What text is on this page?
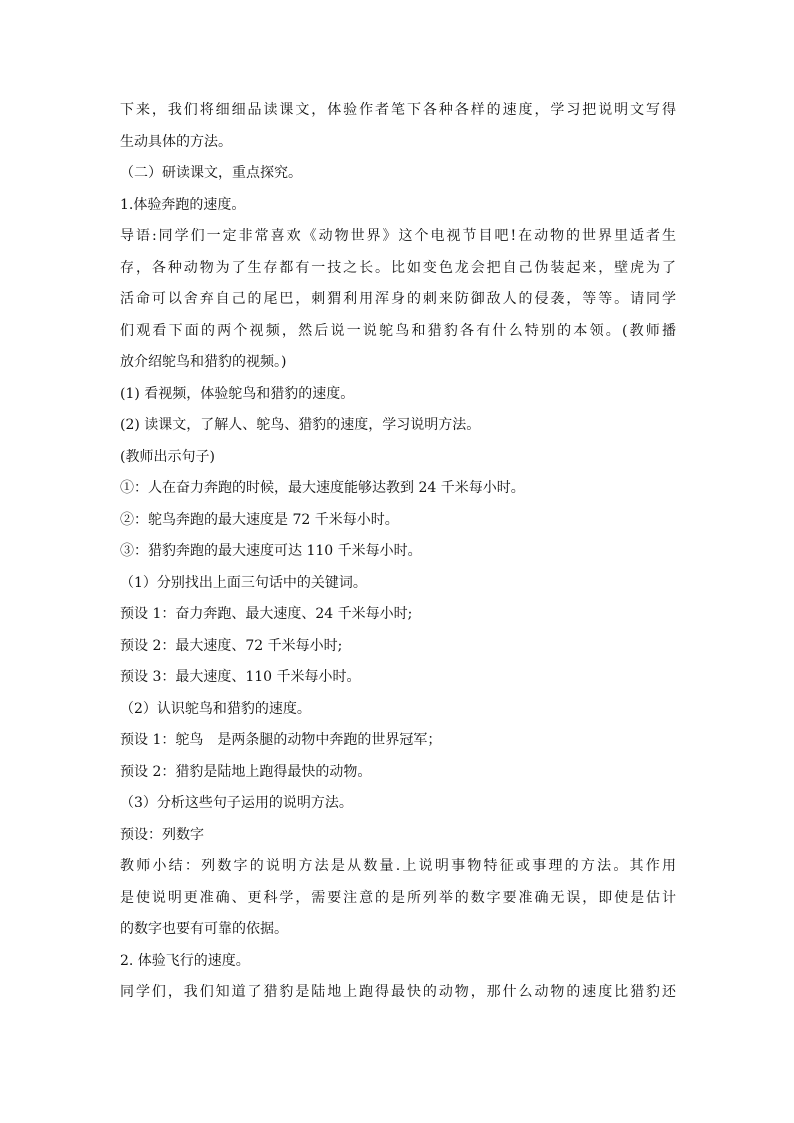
下来，我们将细细品读课文，体验作者笔下各种各样的速度，学习把说明文写得
生动具体的方法。
（二）研读课文，重点探究。
1.体验奔跑的速度。
导语:同学们一定非常喜欢《动物世界》这个电视节目吧!在动物的世界里适者生
存，各种动物为了生存都有一技之长。比如变色龙会把自己伪装起来，壁虎为了
活命可以舍弃自己的尾巴，刺猬利用浑身的刺来防御敌人的侵袭，等等。请同学
们观看下面的两个视频，然后说一说鸵鸟和猎豹各有什么特别的本领。(教师播
放介绍鸵鸟和猎豹的视频。)
(1) 看视频，体验鸵鸟和猎豹的速度。
(2) 读课文，了解人、鸵鸟、猎豹的速度，学习说明方法。
(教师出示句子)
①：人在奋力奔跑的时候，最大速度能够达教到 24 千米每小时。
②：鸵鸟奔跑的最大速度是 72 千米每小时。
③：猎豹奔跑的最大速度可达 110 千米每小时。
（1）分别找出上面三句话中的关键词。
预设 1：奋力奔跑、最大速度、24 千米每小时;
预设 2：最大速度、72 千米每小时;
预设 3：最大速度、110 千米每小时。
（2）认识鸵鸟和猎豹的速度。
预设 1：鸵鸟　是两条腿的动物中奔跑的世界冠军；
预设 2：猎豹是陆地上跑得最快的动物。
（3）分析这些句子运用的说明方法。
预设：列数字
教师小结：列数字的说明方法是从数量.上说明事物特征或事理的方法。其作用
是使说明更准确、更科学，需要注意的是所列举的数字要准确无误，即使是估计
的数字也要有可靠的依据。
2. 体验飞行的速度。
同学们，我们知道了猎豹是陆地上跑得最快的动物，那什么动物的速度比猎豹还
